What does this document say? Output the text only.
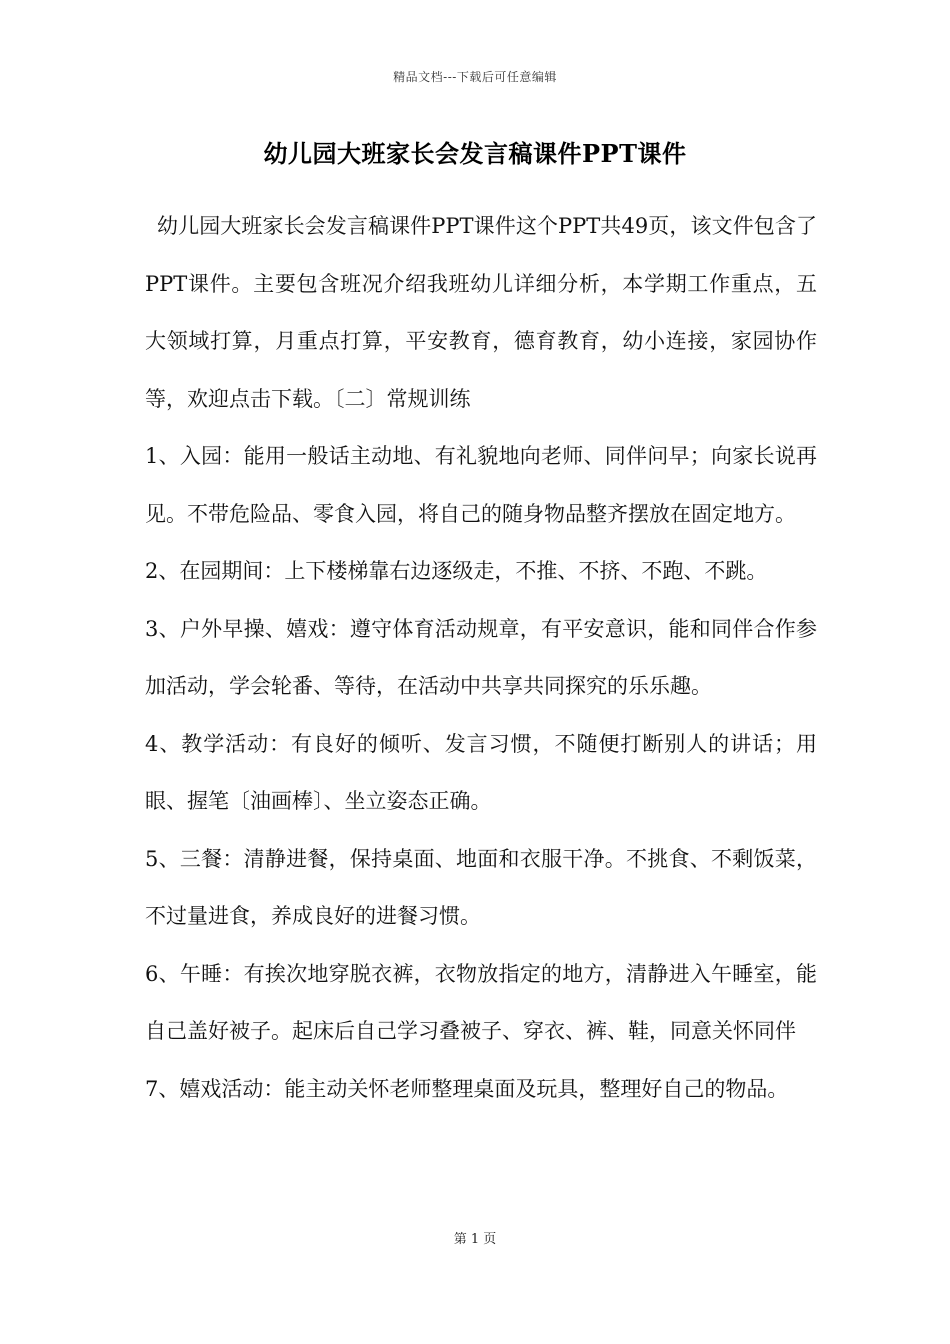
精品文档---下载后可任意编辑
幼儿园大班家长会发言稿课件PPT课件

幼儿园大班家长会发言稿课件PPT课件这个PPT共49页，该文件包含了PPT课件。主要包含班况介绍我班幼儿详细分析，本学期工作重点，五大领域打算，月重点打算，平安教育，德育教育，幼小连接，家园协作等，欢迎点击下载。〔二〕常规训练

1、入园：能用一般话主动地、有礼貌地向老师、同伴问早；向家长说再见。不带危险品、零食入园，将自己的随身物品整齐摆放在固定地方。

2、在园期间：上下楼梯靠右边逐级走，不推、不挤、不跑、不跳。

3、户外早操、嬉戏：遵守体育活动规章，有平安意识，能和同伴合作参加活动，学会轮番、等待，在活动中共享共同探究的乐乐趣。

4、教学活动：有良好的倾听、发言习惯，不随便打断别人的讲话；用眼、握笔〔油画棒〕、坐立姿态正确。

5、三餐：清静进餐，保持桌面、地面和衣服干净。不挑食、不剩饭菜，不过量进食，养成良好的进餐习惯。

6、午睡：有挨次地穿脱衣裤，衣物放指定的地方，清静进入午睡室，能自己盖好被子。起床后自己学习叠被子、穿衣、裤、鞋，同意关怀同伴

7、嬉戏活动：能主动关怀老师整理桌面及玩具，整理好自己的物品。

第 1 页
